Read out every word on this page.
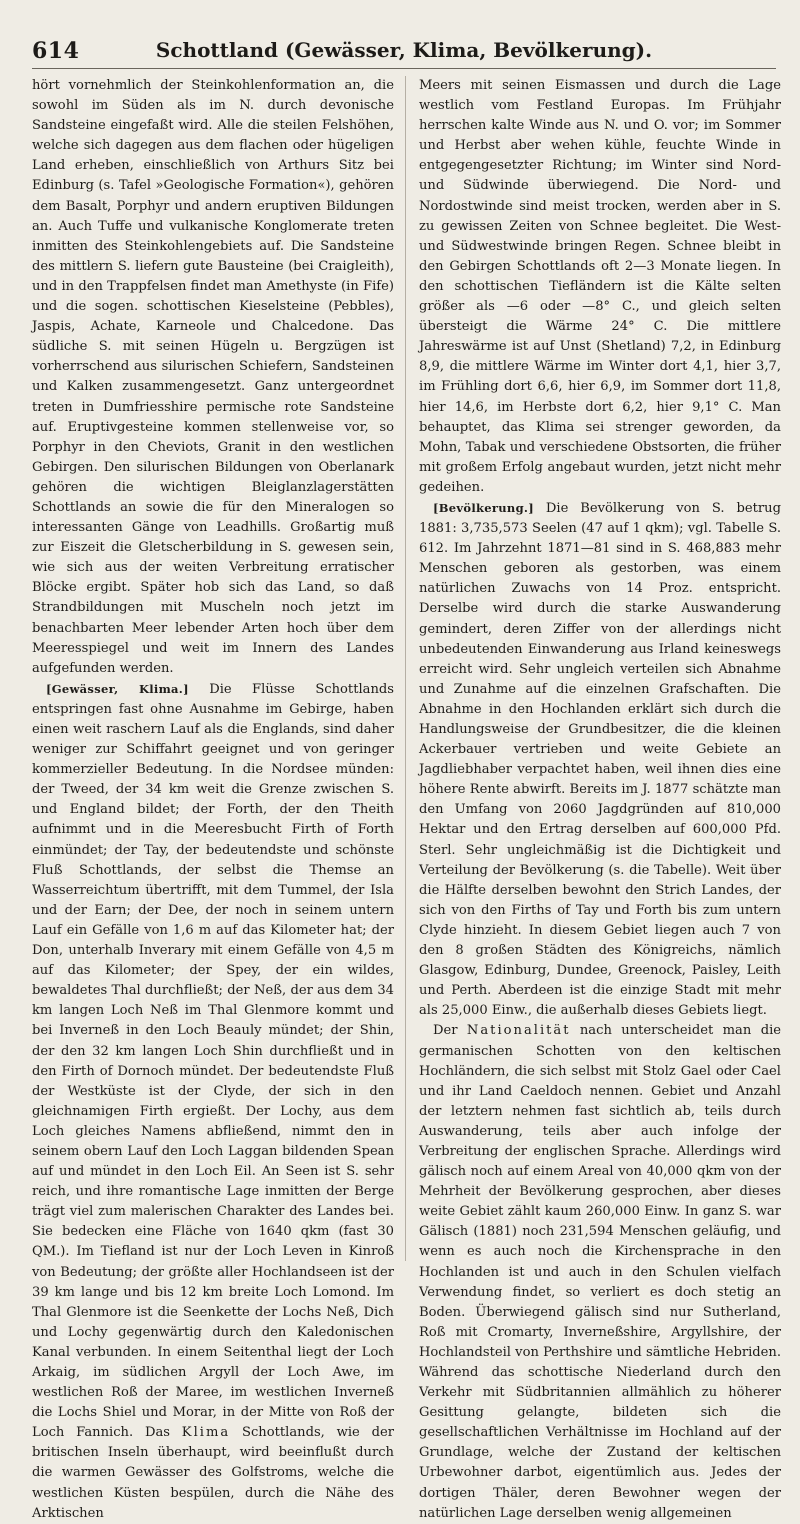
614	Schottland (Gewässer, Klima, Bevölkerung).

hört vornehmlich der Steinkohlenformation an, die sowohl im Süden als im N. durch devonische Sandsteine eingefaßt wird. Alle die steilen Felshöhen, welche sich dagegen aus dem flachen oder hügeligen Land erheben, einschließlich von Arthurs Sitz bei Edinburg (s. Tafel »Geologische Formation«), gehören dem Basalt, Porphyr und andern eruptiven Bildungen an. Auch Tuffe und vulkanische Konglomerate treten inmitten des Steinkohlengebiets auf. Die Sandsteine des mittlern S. liefern gute Bausteine (bei Craigleith), und in den Trappfelsen findet man Amethyste (in Fife) und die sogen. schottischen Kieselsteine (Pebbles), Jaspis, Achate, Karneole und Chalcedone. Das südliche S. mit seinen Hügeln u. Bergzügen ist vorherrschend aus silurischen Schiefern, Sandsteinen und Kalken zusammengesetzt. Ganz untergeordnet treten in Dumfriesshire permische rote Sandsteine auf. Eruptivgesteine kommen stellenweise vor, so Porphyr in den Cheviots, Granit in den westlichen Gebirgen. Den silurischen Bildungen von Oberlanark gehören die wichtigen Bleiglanzlagerstätten Schottlands an sowie die für den Mineralogen so interessanten Gänge von Leadhills. Großartig muß zur Eiszeit die Gletscherbildung in S. gewesen sein, wie sich aus der weiten Verbreitung erratischer Blöcke ergibt. Später hob sich das Land, so daß Strandbildungen mit Muscheln noch jetzt im benachbarten Meer lebender Arten hoch über dem Meeresspiegel und weit im Innern des Landes aufgefunden werden.

[Gewässer, Klima.] Die Flüsse Schottlands entspringen fast ohne Ausnahme im Gebirge, haben einen weit raschern Lauf als die Englands, sind daher weniger zur Schiffahrt geeignet und von geringer kommerzieller Bedeutung. In die Nordsee münden: der Tweed, der 34 km weit die Grenze zwischen S. und England bildet; der Forth, der den Theith aufnimmt und in die Meeresbucht Firth of Forth einmündet; der Tay, der bedeutendste und schönste Fluß Schottlands, der selbst die Themse an Wasserreichtum übertrifft, mit dem Tummel, der Isla und der Earn; der Dee, der noch in seinem untern Lauf ein Gefälle von 1,6 m auf das Kilometer hat; der Don, unterhalb Inverary mit einem Gefälle von 4,5 m auf das Kilometer; der Spey, der ein wildes, bewaldetes Thal durchfließt; der Neß, der aus dem 34 km langen Loch Neß im Thal Glenmore kommt und bei Inverneß in den Loch Beauly mündet; der Shin, der den 32 km langen Loch Shin durchfließt und in den Firth of Dornoch mündet. Der bedeutendste Fluß der Westküste ist der Clyde, der sich in den gleichnamigen Firth ergießt. Der Lochy, aus dem Loch gleiches Namens abfließend, nimmt den in seinem obern Lauf den Loch Laggan bildenden Spean auf und mündet in den Loch Eil. An Seen ist S. sehr reich, und ihre romantische Lage inmitten der Berge trägt viel zum malerischen Charakter des Landes bei. Sie bedecken eine Fläche von 1640 qkm (fast 30 QM.). Im Tiefland ist nur der Loch Leven in Kinroß von Bedeutung; der größte aller Hochlandseen ist der 39 km lange und bis 12 km breite Loch Lomond. Im Thal Glenmore ist die Seenkette der Lochs Neß, Dich und Lochy gegenwärtig durch den Kaledonischen Kanal verbunden. In einem Seitenthal liegt der Loch Arkaig, im südlichen Argyll der Loch Awe, im westlichen Roß der Maree, im westlichen Inverneß die Lochs Shiel und Morar, in der Mitte von Roß der Loch Fannich. Das Klima Schottlands, wie der britischen Inseln überhaupt, wird beeinflußt durch die warmen Gewässer des Golfstroms, welche die westlichen Küsten bespülen, durch die Nähe des Arktischen

Meers mit seinen Eismassen und durch die Lage westlich vom Festland Europas. Im Frühjahr herrschen kalte Winde aus N. und O. vor; im Sommer und Herbst aber wehen kühle, feuchte Winde in entgegengesetzter Richtung; im Winter sind Nord- und Südwinde überwiegend. Die Nord- und Nordostwinde sind meist trocken, werden aber in S. zu gewissen Zeiten von Schnee begleitet. Die West- und Südwestwinde bringen Regen. Schnee bleibt in den Gebirgen Schottlands oft 2—3 Monate liegen. In den schottischen Tiefländern ist die Kälte selten größer als —6 oder —8° C., und gleich selten übersteigt die Wärme 24° C. Die mittlere Jahreswärme ist auf Unst (Shetland) 7,2, in Edinburg 8,9, die mittlere Wärme im Winter dort 4,1, hier 3,7, im Frühling dort 6,6, hier 6,9, im Sommer dort 11,8, hier 14,6, im Herbste dort 6,2, hier 9,1° C. Man behauptet, das Klima sei strenger geworden, da Mohn, Tabak und verschiedene Obstsorten, die früher mit großem Erfolg angebaut wurden, jetzt nicht mehr gedeihen.

[Bevölkerung.] Die Bevölkerung von S. betrug 1881: 3,735,573 Seelen (47 auf 1 qkm); vgl. Tabelle S. 612. Im Jahrzehnt 1871—81 sind in S. 468,883 mehr Menschen geboren als gestorben, was einem natürlichen Zuwachs von 14 Proz. entspricht. Derselbe wird durch die starke Auswanderung gemindert, deren Ziffer von der allerdings nicht unbedeutenden Einwanderung aus Irland keineswegs erreicht wird. Sehr ungleich verteilen sich Abnahme und Zunahme auf die einzelnen Grafschaften. Die Abnahme in den Hochlanden erklärt sich durch die Handlungsweise der Grundbesitzer, die die kleinen Ackerbauer vertrieben und weite Gebiete an Jagdliebhaber verpachtet haben, weil ihnen dies eine höhere Rente abwirft. Bereits im J. 1877 schätzte man den Umfang von 2060 Jagdgründen auf 810,000 Hektar und den Ertrag derselben auf 600,000 Pfd. Sterl. Sehr ungleichmäßig ist die Dichtigkeit und Verteilung der Bevölkerung (s. die Tabelle). Weit über die Hälfte derselben bewohnt den Strich Landes, der sich von den Firths of Tay und Forth bis zum untern Clyde hinzieht. In diesem Gebiet liegen auch 7 von den 8 großen Städten des Königreichs, nämlich Glasgow, Edinburg, Dundee, Greenock, Paisley, Leith und Perth. Aberdeen ist die einzige Stadt mit mehr als 25,000 Einw., die außerhalb dieses Gebiets liegt.

Der Nationalität nach unterscheidet man die germanischen Schotten von den keltischen Hochländern, die sich selbst mit Stolz Gael oder Cael und ihr Land Caeldoch nennen. Gebiet und Anzahl der letztern nehmen fast sichtlich ab, teils durch Auswanderung, teils aber auch infolge der Verbreitung der englischen Sprache. Allerdings wird gälisch noch auf einem Areal von 40,000 qkm von der Mehrheit der Bevölkerung gesprochen, aber dieses weite Gebiet zählt kaum 260,000 Einw. In ganz S. war Gälisch (1881) noch 231,594 Menschen geläufig, und wenn es auch noch die Kirchensprache in den Hochlanden ist und auch in den Schulen vielfach Verwendung findet, so verliert es doch stetig an Boden. Überwiegend gälisch sind nur Sutherland, Roß mit Cromarty, Inverneßshire, Argyllshire, der Hochlandsteil von Perthshire und sämtliche Hebriden. Während das schottische Niederland durch den Verkehr mit Südbritannien allmählich zu höherer Gesittung gelangte, bildeten sich die gesellschaftlichen Verhältnisse im Hochland auf der Grundlage, welche der Zustand der keltischen Urbewohner darbot, eigentümlich aus. Jedes der dortigen Thäler, deren Bewohner wegen der natürlichen Lage derselben wenig allgemeinen
